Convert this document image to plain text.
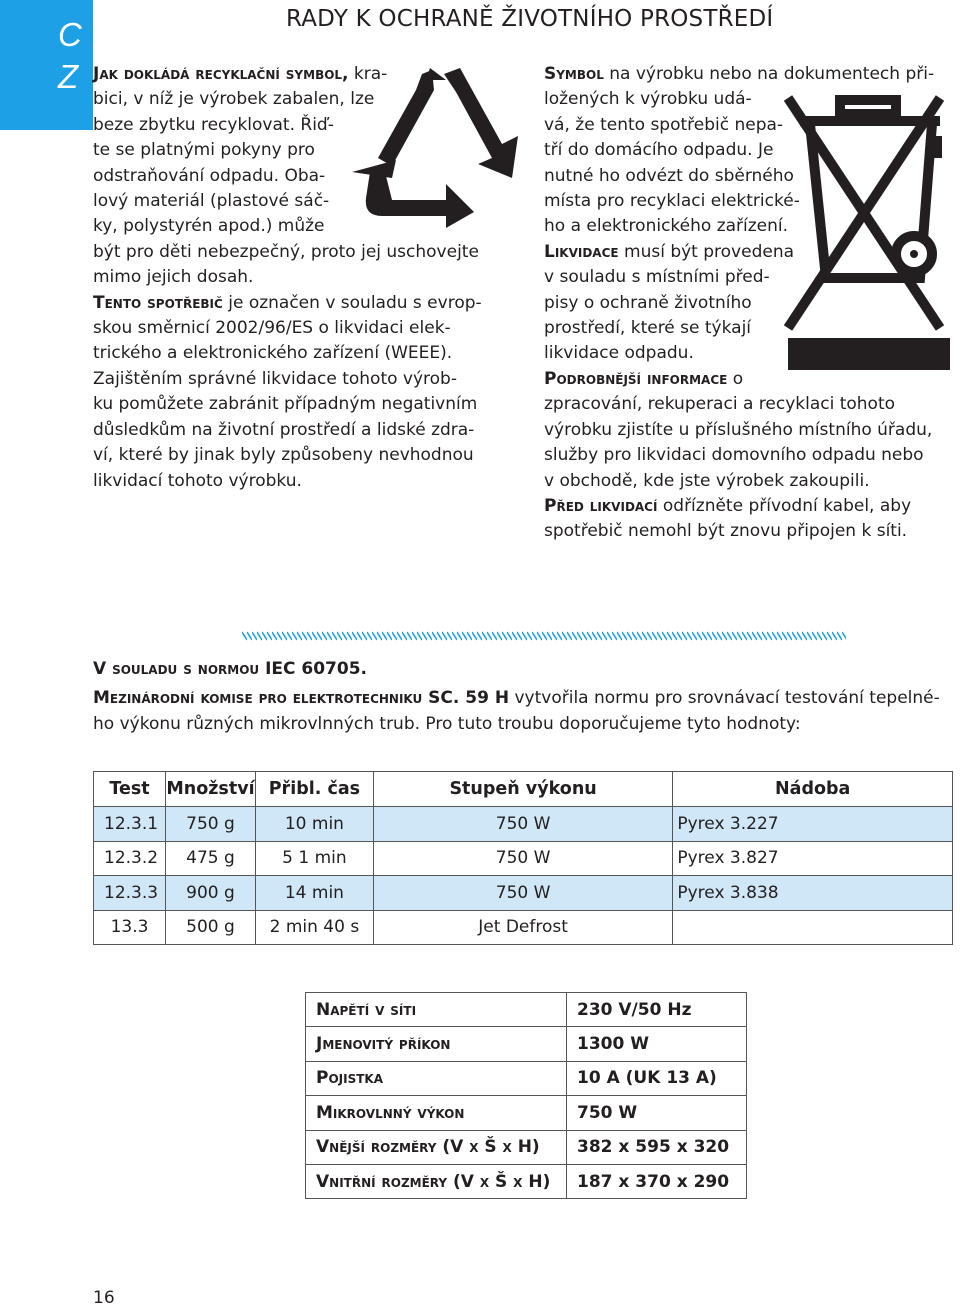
C
Z
RADY K OCHRANĚ ŽIVOTNÍHO PROSTŘEDÍ
Jak dokládá recyklační symbol, kra-
bici, v níž je výrobek zabalen, lze
beze zbytku recyklovat. Řiď-
te se platnými pokyny pro
odstraňování odpadu. Oba-
lový materiál (plastové sáč-
ky, polystyrén apod.) může
být pro děti nebezpečný, proto jej uschovejte
mimo jejich dosah.
Tento spotřebič je označen v souladu s evrop-
skou směrnicí 2002/96/ES o likvidaci elek-
trického a elektronického zařízení (WEEE).
Zajištěním správné likvidace tohoto výrob-
ku pomůžete zabránit případným negativním
důsledkům na životní prostředí a lidské zdra-
ví, které by jinak byly způsobeny nevhodnou
likvidací tohoto výrobku.
Symbol na výrobku nebo na dokumentech při-
ložených k výrobku udá-
vá, že tento spotřebič nepa-
tří do domácího odpadu. Je
nutné ho odvézt do sběrného
místa pro recyklaci elektrické-
ho a elektronického zařízení.
Likvidace musí být provedena
v souladu s místními před-
pisy o ochraně životního
prostředí, které se týkají
likvidace odpadu.
Podrobnější informace o
zpracování, rekuperaci a recyklaci tohoto
výrobku zjistíte u příslušného místního úřadu,
služby pro likvidaci domovního odpadu nebo
v obchodě, kde jste výrobek zakoupili.
Před likvidací odřízněte přívodní kabel, aby
spotřebič nemohl být znovu připojen k síti.
V souladu s normou IEC 60705.
Mezinárodní komise pro elektrotechniku SC. 59 H vytvořila normu pro srovnávací testování tepelné-
ho výkonu různých mikrovlnných trub. Pro tuto troubu doporučujeme tyto hodnoty:
Test	Množství	Přibl. čas	Stupeň výkonu	Nádoba
12.3.1	750 g	10 min	750 W	Pyrex 3.227
12.3.2	475 g	5 1 min	750 W	Pyrex 3.827
12.3.3	900 g	14 min	750 W	Pyrex 3.838
13.3	500 g	2 min 40 s	Jet Defrost	
Napětí v síti	230 V/50 Hz
Jmenovitý příkon	1300 W
Pojistka	10 A (UK 13 A)
Mikrovlnný výkon	750 W
Vnější rozměry (V x Š x H)	382 x 595 x 320
Vnitřní rozměry (V x Š x H)	187 x 370 x 290
16
